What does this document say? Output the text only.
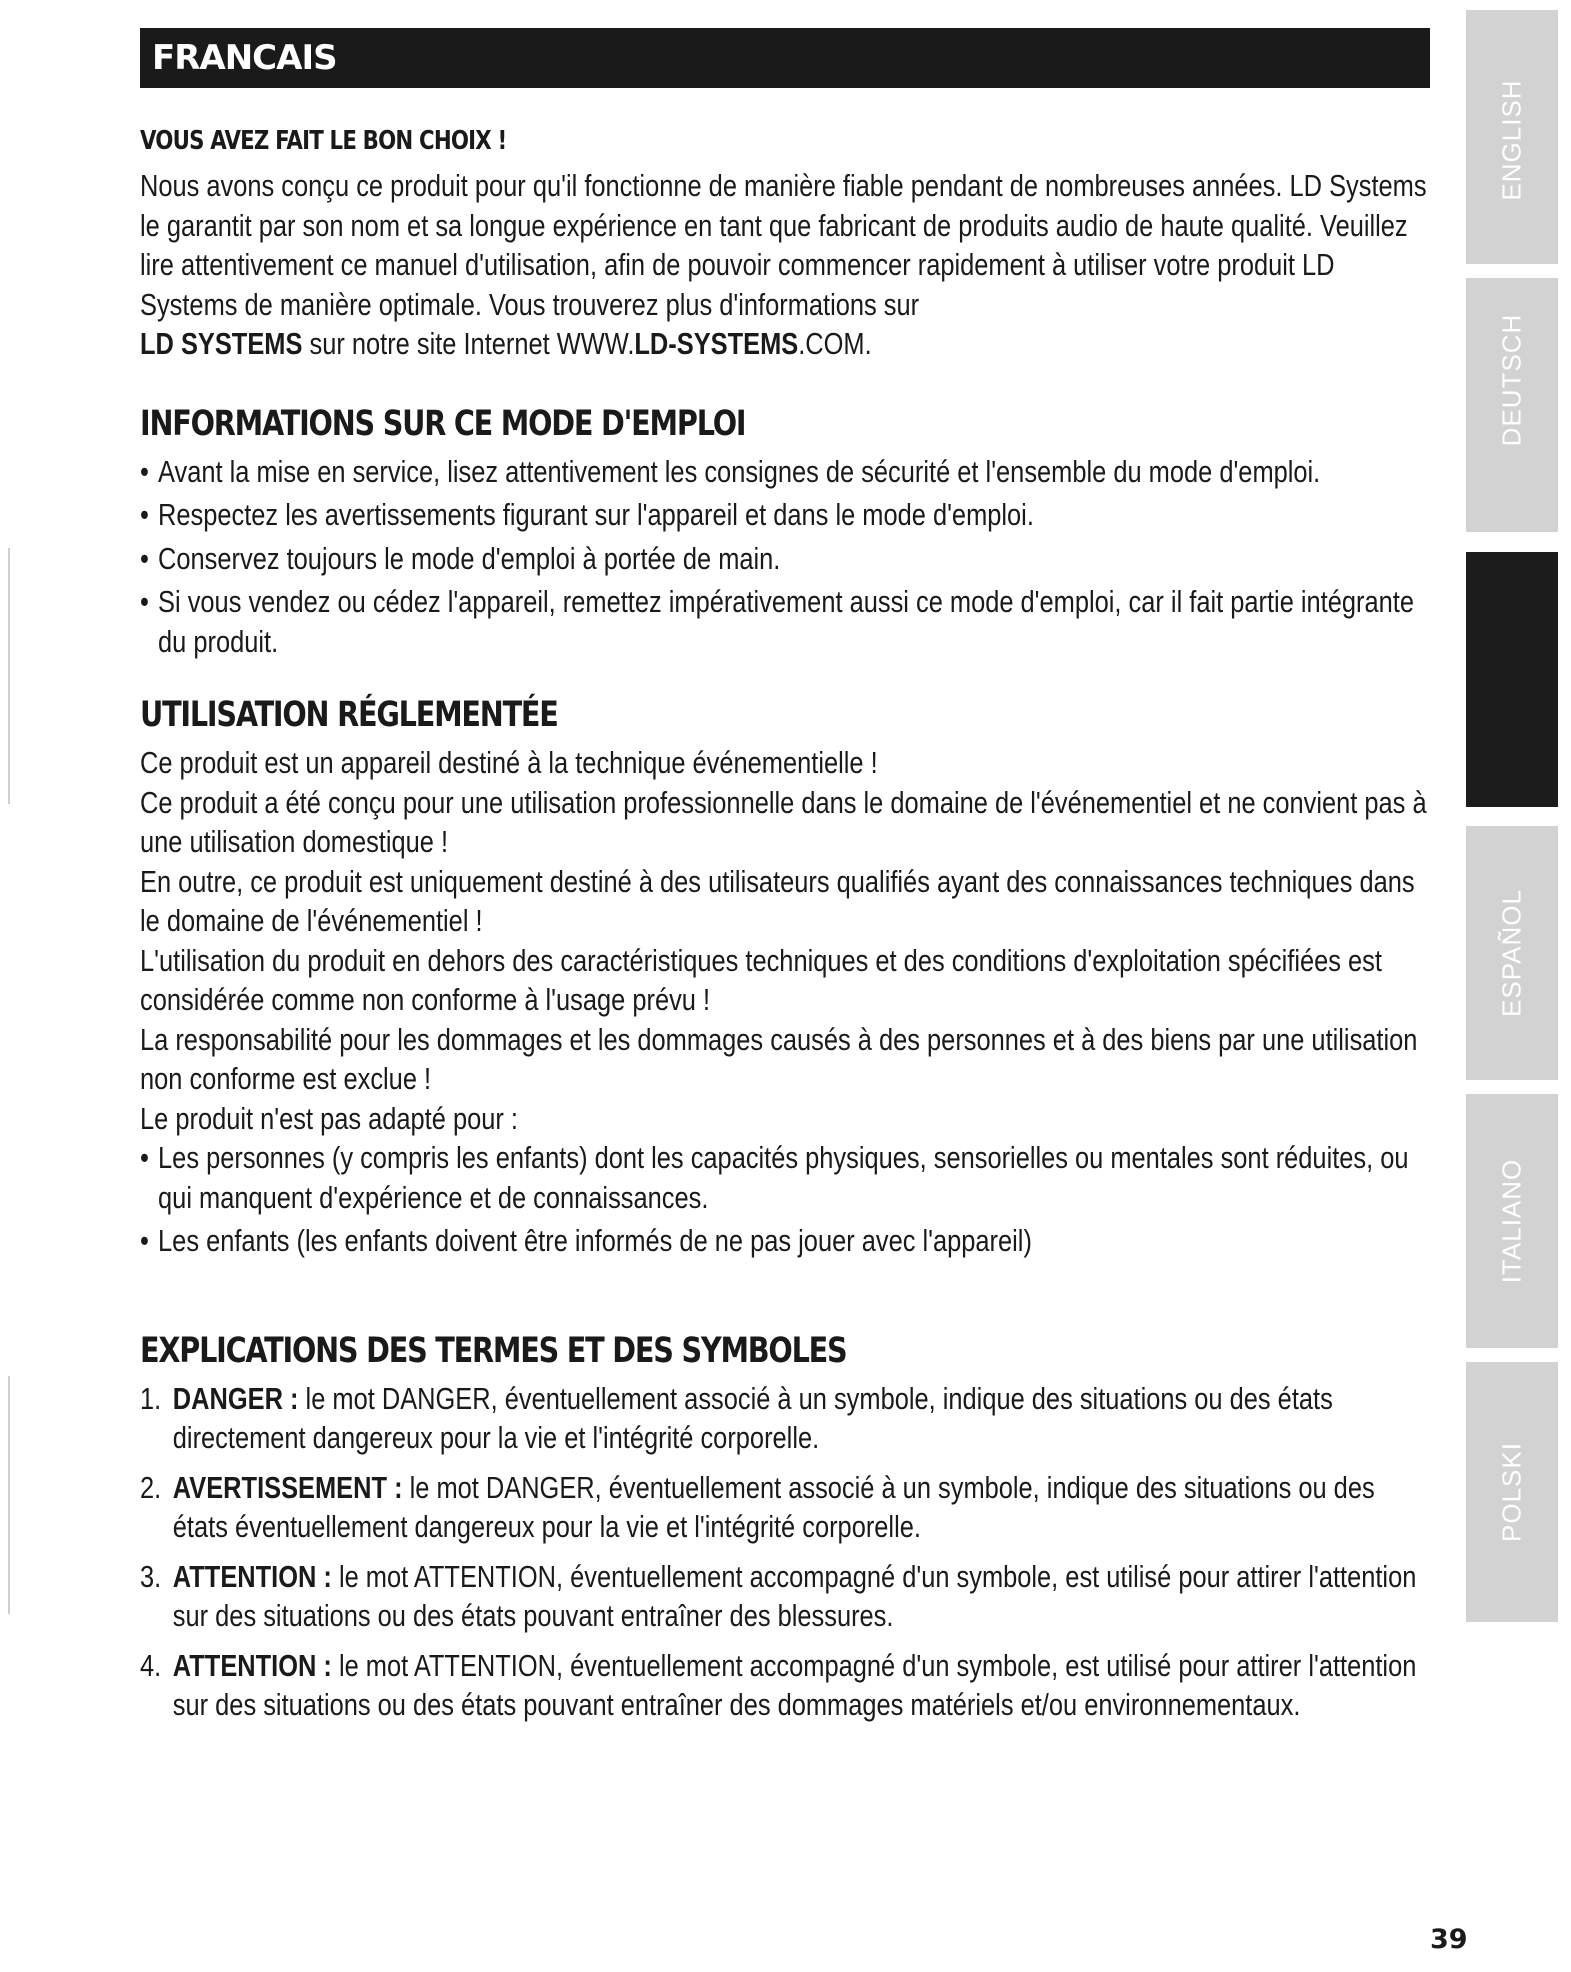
FRANCAIS
VOUS AVEZ FAIT LE BON CHOIX !

Nous avons conçu ce produit pour qu'il fonctionne de manière fiable pendant de nombreuses années. LD Systems le garantit par son nom et sa longue expérience en tant que fabricant de produits audio de haute qualité. Veuillez lire attentivement ce manuel d'utilisation, afin de pouvoir commencer rapidement à utiliser votre produit LD Systems de manière optimale. Vous trouverez plus d'informations sur
LD SYSTEMS sur notre site Internet WWW.LD-SYSTEMS.COM.

INFORMATIONS SUR CE MODE D'EMPLOI
• Avant la mise en service, lisez attentivement les consignes de sécurité et l'ensemble du mode d'emploi.
• Respectez les avertissements figurant sur l'appareil et dans le mode d'emploi.
• Conservez toujours le mode d'emploi à portée de main.
• Si vous vendez ou cédez l'appareil, remettez impérativement aussi ce mode d'emploi, car il fait partie intégrante du produit.
UTILISATION RÉGLEMENTÉE

Ce produit est un appareil destiné à la technique événementielle !

Ce produit a été conçu pour une utilisation professionnelle dans le domaine de l'événementiel et ne convient pas à une utilisation domestique !

En outre, ce produit est uniquement destiné à des utilisateurs qualifiés ayant des connaissances techniques dans le domaine de l'événementiel !

L'utilisation du produit en dehors des caractéristiques techniques et des conditions d'exploitation spécifiées est considérée comme non conforme à l'usage prévu !

La responsabilité pour les dommages et les dommages causés à des personnes et à des biens par une utilisation non conforme est exclue !

Le produit n'est pas adapté pour :

• Les personnes (y compris les enfants) dont les capacités physiques, sensorielles ou mentales sont réduites, ou qui manquent d'expérience et de connaissances.
• Les enfants (les enfants doivent être informés de ne pas jouer avec l'appareil)
EXPLICATIONS DES TERMES ET DES SYMBOLES
1. DANGER : le mot DANGER, éventuellement associé à un symbole, indique des situations ou des états directement dangereux pour la vie et l'intégrité corporelle.
2. AVERTISSEMENT : le mot DANGER, éventuellement associé à un symbole, indique des situations ou des états éventuellement dangereux pour la vie et l'intégrité corporelle.
3. ATTENTION : le mot ATTENTION, éventuellement accompagné d'un symbole, est utilisé pour attirer l'attention sur des situations ou des états pouvant entraîner des blessures.
4. ATTENTION : le mot ATTENTION, éventuellement accompagné d'un symbole, est utilisé pour attirer l'attention sur des situations ou des états pouvant entraîner des dommages matériels et/ou environnementaux.
ENGLISH
DEUTSCH
ESPAÑOL
ITALIANO
POLSKI
39
